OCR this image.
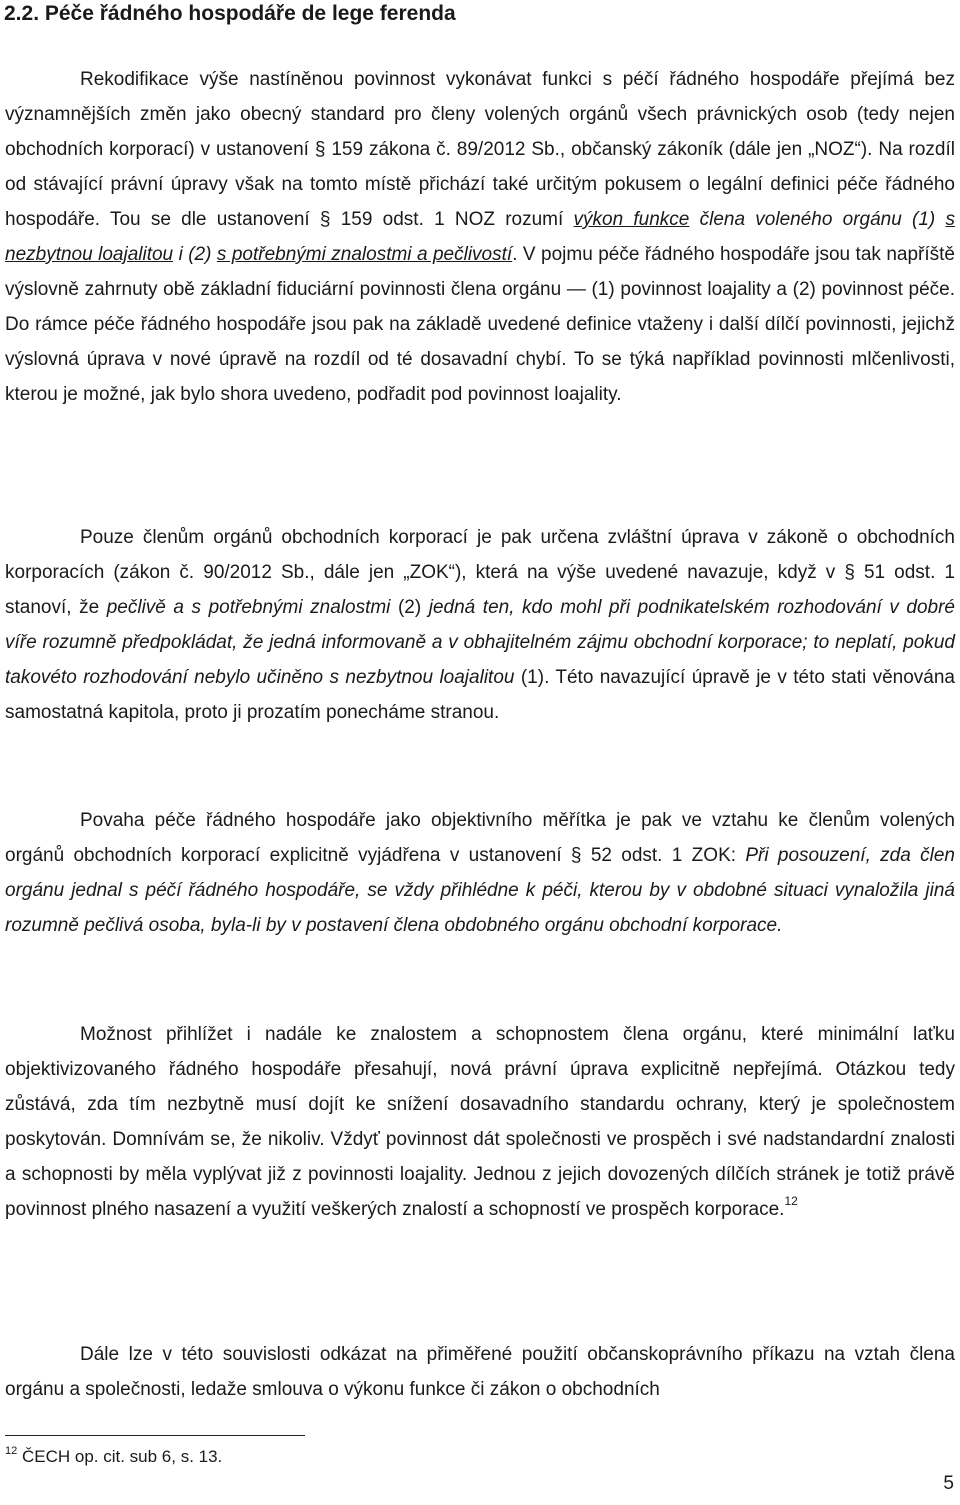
2.2. Péče řádného hospodáře de lege ferenda

Rekodifikace výše nastíněnou povinnost vykonávat funkci s péčí řádného hospodáře přejímá bez významnějších změn jako obecný standard pro členy volených orgánů všech právnických osob (tedy nejen obchodních korporací) v ustanovení § 159 zákona č. 89/2012 Sb., občanský zákoník (dále jen „NOZ“). Na rozdíl od stávající právní úpravy však na tomto místě přichází také určitým pokusem o legální definici péče řádného hospodáře. Tou se dle ustanovení § 159 odst. 1 NOZ rozumí výkon funkce člena voleného orgánu (1) s nezbytnou loajalitou i (2) s potřebnými znalostmi a pečlivostí. V pojmu péče řádného hospodáře jsou tak napříště výslovně zahrnuty obě základní fiduciární povinnosti člena orgánu — (1) povinnost loajality a (2) povinnost péče. Do rámce péče řádného hospodáře jsou pak na základě uvedené definice vtaženy i další dílčí povinnosti, jejichž výslovná úprava v nové úpravě na rozdíl od té dosavadní chybí. To se týká například povinnosti mlčenlivosti, kterou je možné, jak bylo shora uvedeno, podřadit pod povinnost loajality.

Pouze členům orgánů obchodních korporací je pak určena zvláštní úprava v zákoně o obchodních korporacích (zákon č. 90/2012 Sb., dále jen „ZOK“), která na výše uvedené navazuje, když v § 51 odst. 1 stanoví, že pečlivě a s potřebnými znalostmi (2) jedná ten, kdo mohl při podnikatelském rozhodování v dobré víře rozumně předpokládat, že jedná informovaně a v obhajitelném zájmu obchodní korporace; to neplatí, pokud takovéto rozhodování nebylo učiněno s nezbytnou loajalitou (1). Této navazující úpravě je v této stati věnována samostatná kapitola, proto ji prozatím ponecháme stranou.

Povaha péče řádného hospodáře jako objektivního měřítka je pak ve vztahu ke členům volených orgánů obchodních korporací explicitně vyjádřena v ustanovení § 52 odst. 1 ZOK: Při posouzení, zda člen orgánu jednal s péčí řádného hospodáře, se vždy přihlédne k péči, kterou by v obdobné situaci vynaložila jiná rozumně pečlivá osoba, byla-li by v postavení člena obdobného orgánu obchodní korporace.

Možnost přihlížet i nadále ke znalostem a schopnostem člena orgánu, které minimální laťku objektivizovaného řádného hospodáře přesahují, nová právní úprava explicitně nepřejímá. Otázkou tedy zůstává, zda tím nezbytně musí dojít ke snížení dosavadního standardu ochrany, který je společnostem poskytován. Domnívám se, že nikoliv. Vždyť povinnost dát společnosti ve prospěch i své nadstandardní znalosti a schopnosti by měla vyplývat již z povinnosti loajality. Jednou z jejich dovozených dílčích stránek je totiž právě povinnost plného nasazení a využití veškerých znalostí a schopností ve prospěch korporace.$^{12}$

Dále lze v této souvislosti odkázat na přiměřené použití občanskoprávního příkazu na vztah člena orgánu a společnosti, ledaže smlouva o výkonu funkce či zákon o obchodních

$^{12}$ ČECH op. cit. sub 6, s. 13.

5
